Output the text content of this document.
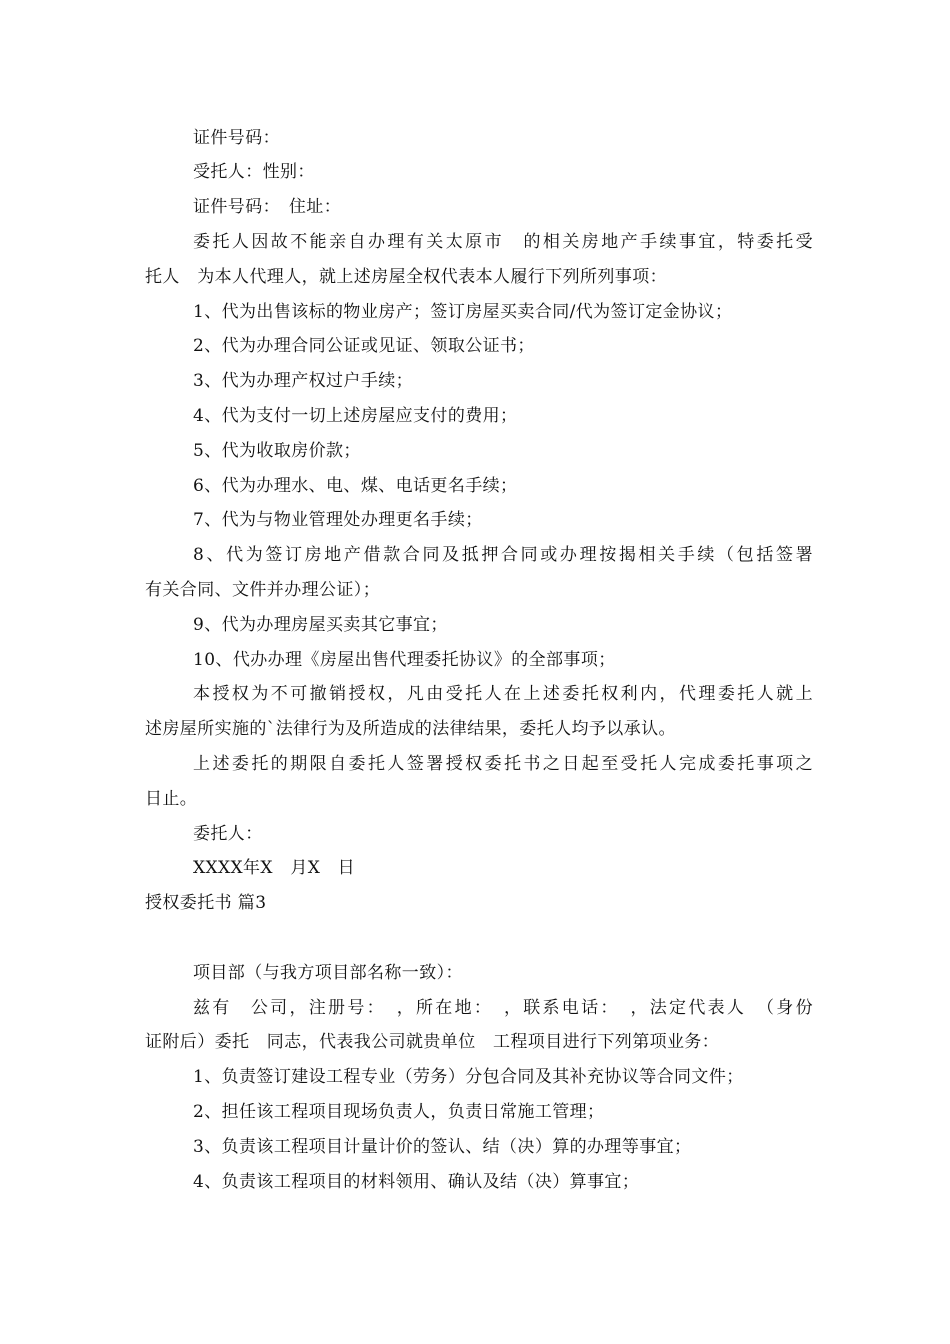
证件号码：
受托人：性别：
证件号码：　住址：
委托人因故不能亲自办理有关太原市　的相关房地产手续事宜，特委托受
托人　为本人代理人，就上述房屋全权代表本人履行下列所列事项：
1、代为出售该标的物业房产；签订房屋买卖合同/代为签订定金协议；
2、代为办理合同公证或见证、领取公证书；
3、代为办理产权过户手续；
4、代为支付一切上述房屋应支付的费用；
5、代为收取房价款；
6、代为办理水、电、煤、电话更名手续；
7、代为与物业管理处办理更名手续；
8、代为签订房地产借款合同及抵押合同或办理按揭相关手续（包括签署
有关合同、文件并办理公证）；
9、代为办理房屋买卖其它事宜；
10、代办办理《房屋出售代理委托协议》的全部事项；
本授权为不可撤销授权，凡由受托人在上述委托权利内，代理委托人就上
述房屋所实施的`法律行为及所造成的法律结果，委托人均予以承认。
上述委托的期限自委托人签署授权委托书之日起至受托人完成委托事项之
日止。
委托人：
XXXX年X　月X　日
授权委托书 篇3
项目部（与我方项目部名称一致）：
兹有　公司，注册号：　，所在地：　，联系电话：　，法定代表人　（身份
证附后）委托　同志，代表我公司就贵单位　工程项目进行下列第项业务：
1、负责签订建设工程专业（劳务）分包合同及其补充协议等合同文件；
2、担任该工程项目现场负责人，负责日常施工管理；
3、负责该工程项目计量计价的签认、结（决）算的办理等事宜；
4、负责该工程项目的材料领用、确认及结（决）算事宜；
